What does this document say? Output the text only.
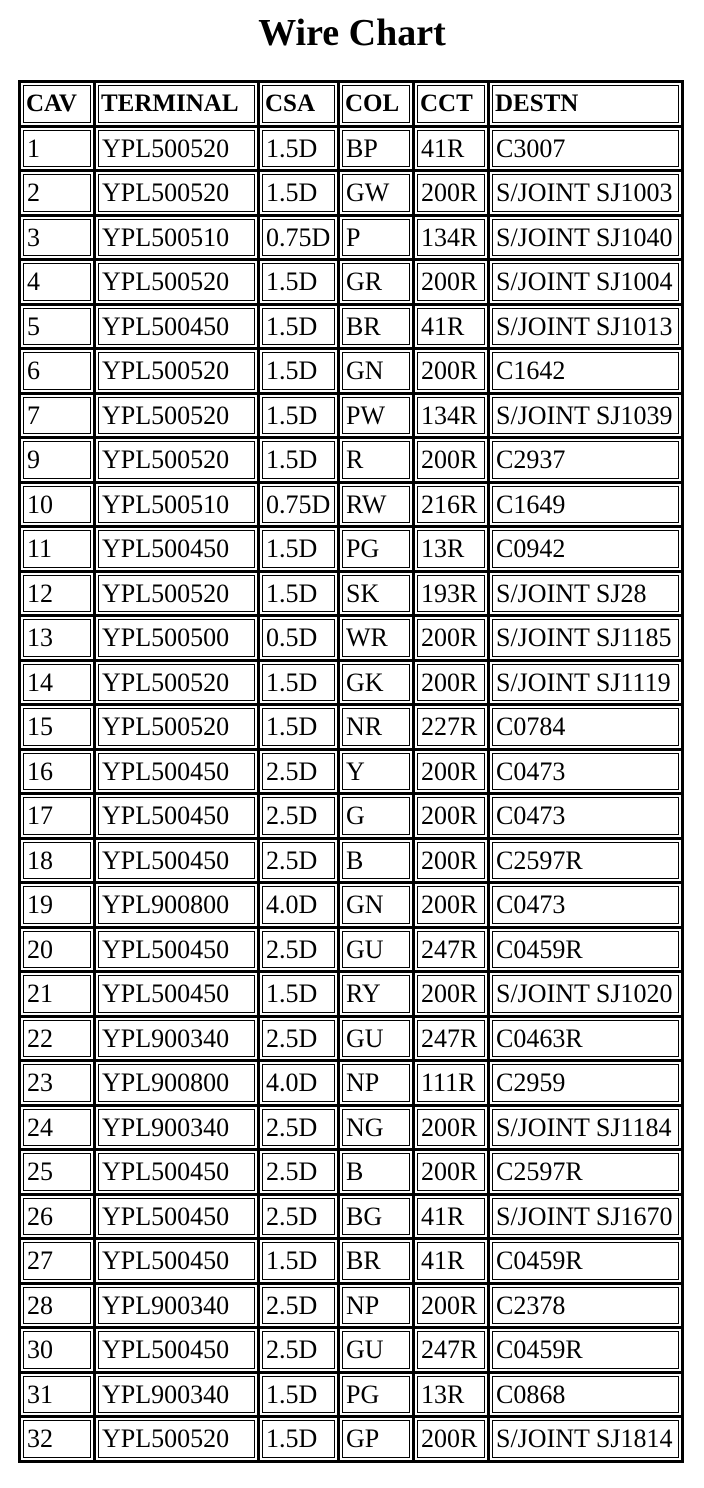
Wire Chart
CAV	TERMINAL	CSA	COL	CCT	DESTN
1	YPL500520	1.5D	BP	41R	C3007
2	YPL500520	1.5D	GW	200R	S/JOINT SJ1003
3	YPL500510	0.75D	P	134R	S/JOINT SJ1040
4	YPL500520	1.5D	GR	200R	S/JOINT SJ1004
5	YPL500450	1.5D	BR	41R	S/JOINT SJ1013
6	YPL500520	1.5D	GN	200R	C1642
7	YPL500520	1.5D	PW	134R	S/JOINT SJ1039
9	YPL500520	1.5D	R	200R	C2937
10	YPL500510	0.75D	RW	216R	C1649
11	YPL500450	1.5D	PG	13R	C0942
12	YPL500520	1.5D	SK	193R	S/JOINT SJ28
13	YPL500500	0.5D	WR	200R	S/JOINT SJ1185
14	YPL500520	1.5D	GK	200R	S/JOINT SJ1119
15	YPL500520	1.5D	NR	227R	C0784
16	YPL500450	2.5D	Y	200R	C0473
17	YPL500450	2.5D	G	200R	C0473
18	YPL500450	2.5D	B	200R	C2597R
19	YPL900800	4.0D	GN	200R	C0473
20	YPL500450	2.5D	GU	247R	C0459R
21	YPL500450	1.5D	RY	200R	S/JOINT SJ1020
22	YPL900340	2.5D	GU	247R	C0463R
23	YPL900800	4.0D	NP	111R	C2959
24	YPL900340	2.5D	NG	200R	S/JOINT SJ1184
25	YPL500450	2.5D	B	200R	C2597R
26	YPL500450	2.5D	BG	41R	S/JOINT SJ1670
27	YPL500450	1.5D	BR	41R	C0459R
28	YPL900340	2.5D	NP	200R	C2378
30	YPL500450	2.5D	GU	247R	C0459R
31	YPL900340	1.5D	PG	13R	C0868
32	YPL500520	1.5D	GP	200R	S/JOINT SJ1814
